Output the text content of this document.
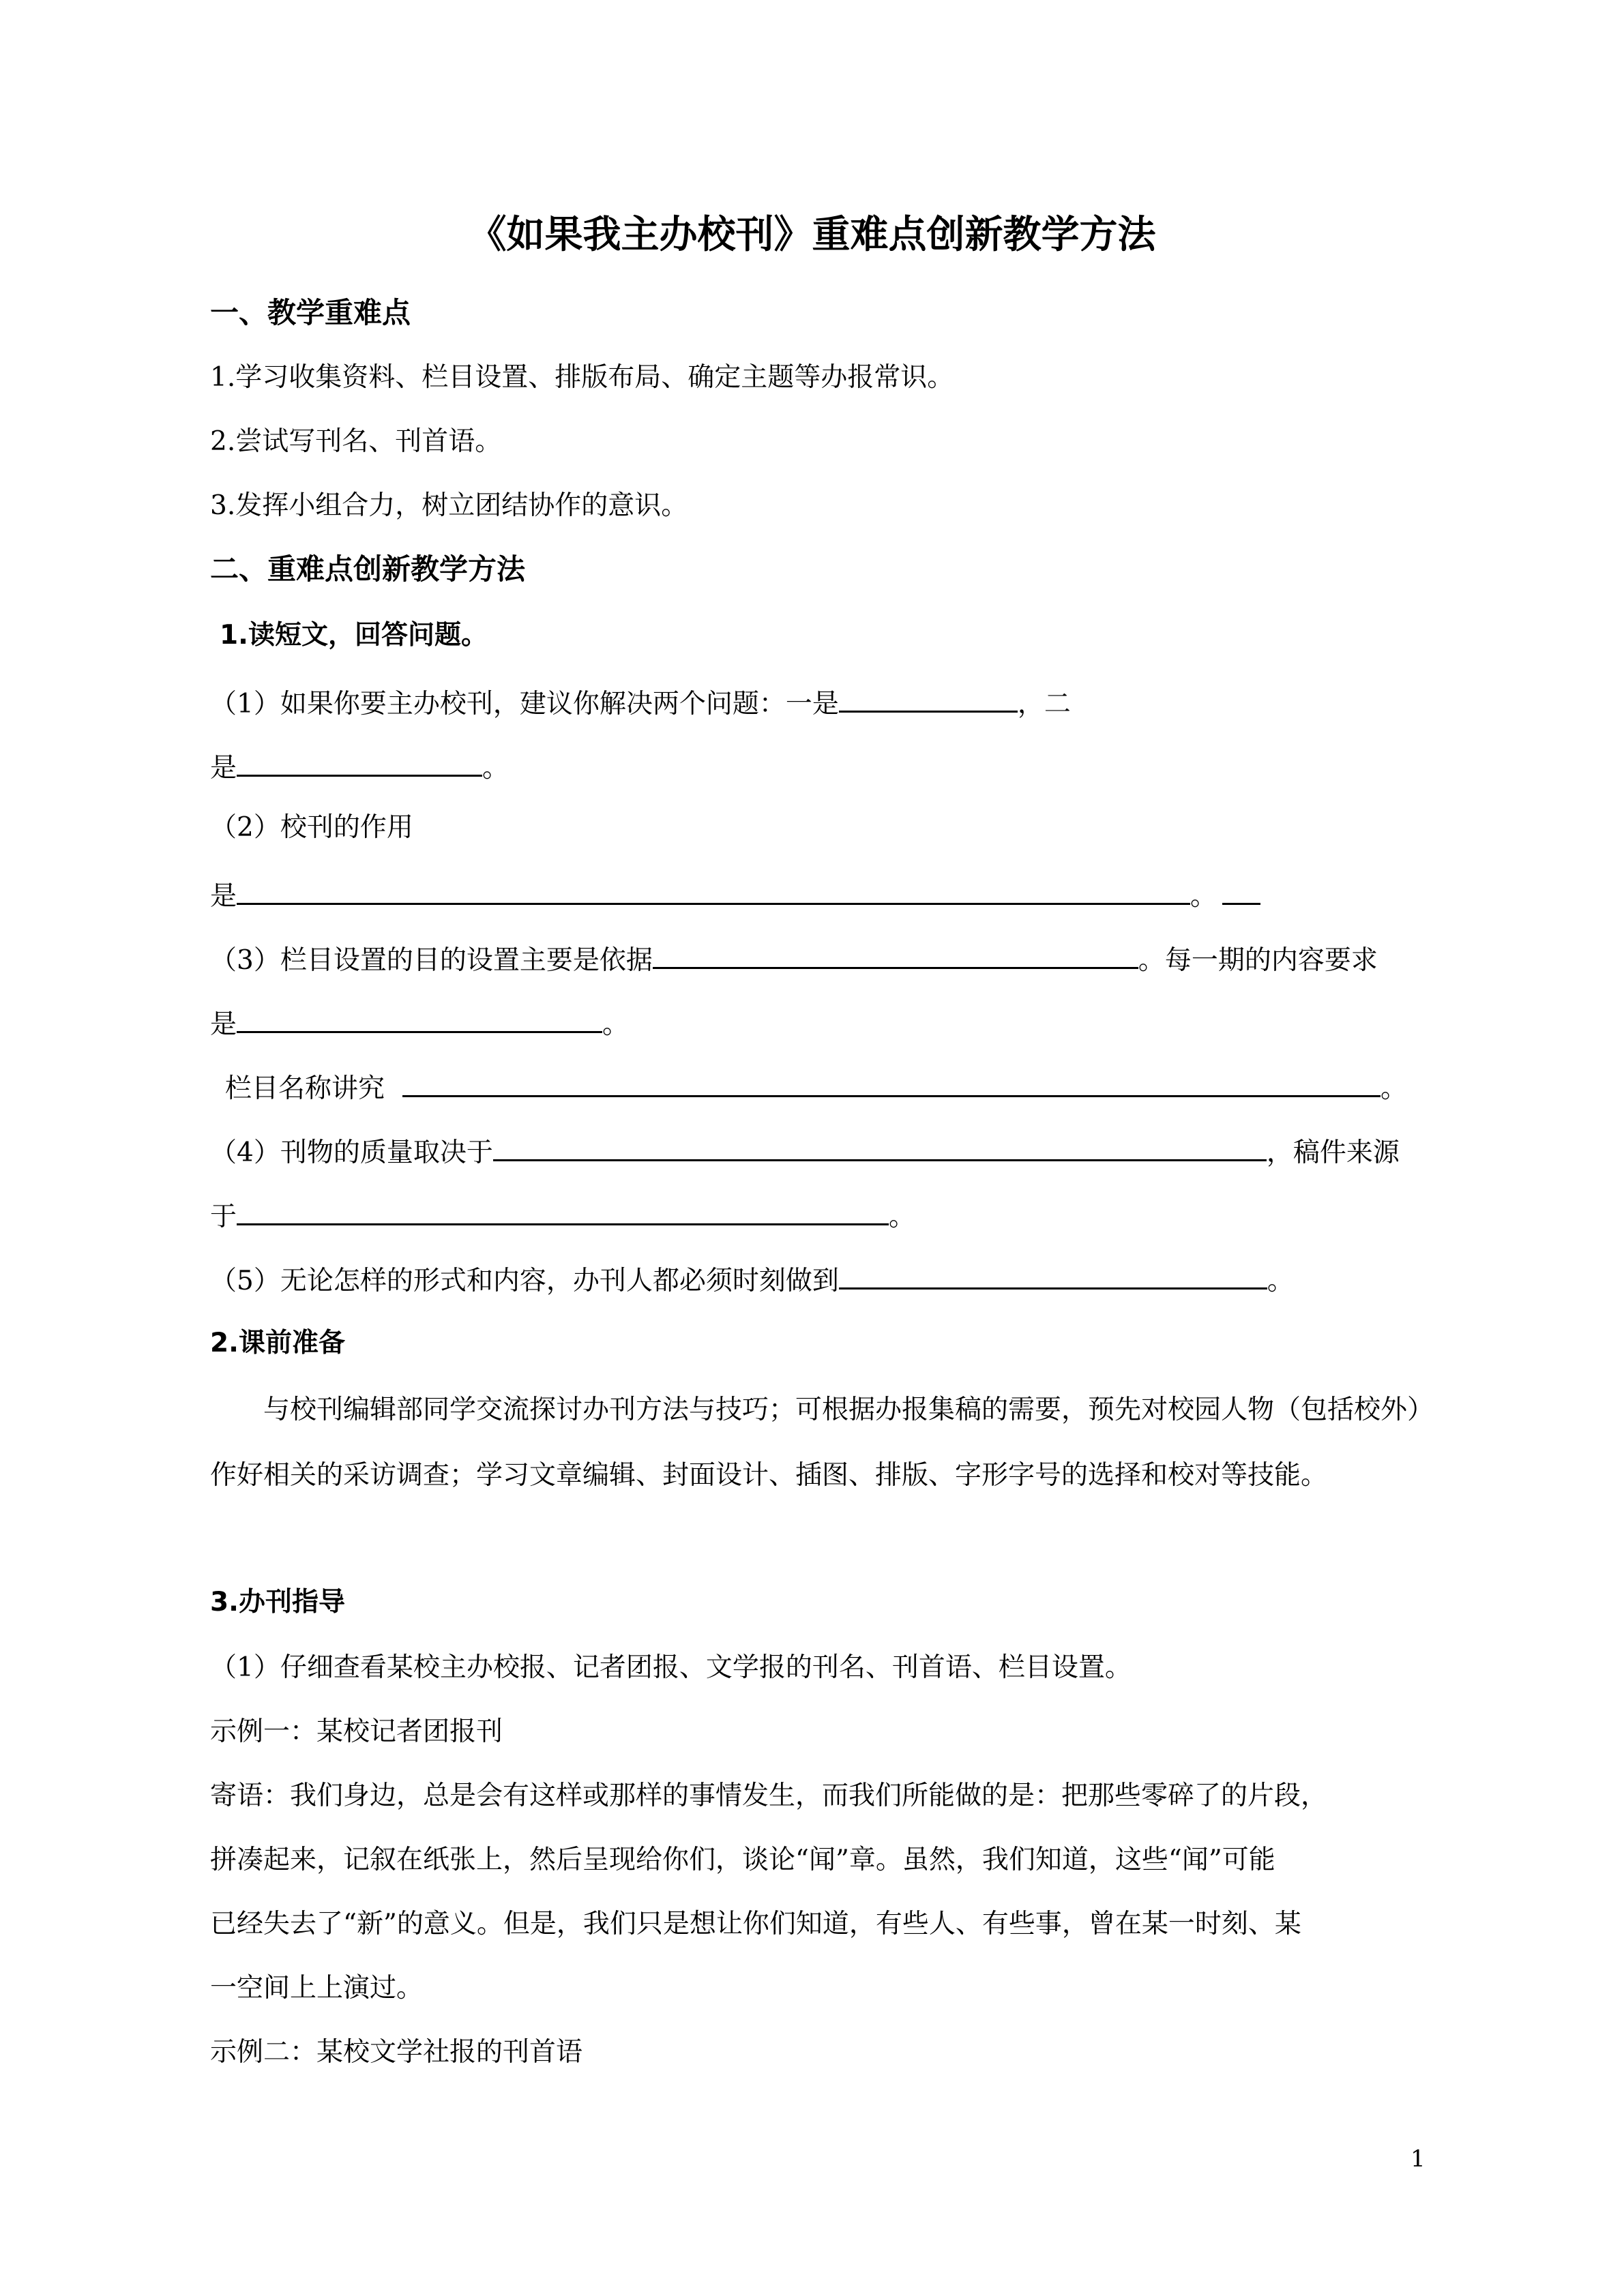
《如果我主办校刊》重难点创新教学方法
一、教学重难点
1.学习收集资料、栏目设置、排版布局、确定主题等办报常识。
2.尝试写刊名、刊首语。
3.发挥小组合力，树立团结协作的意识。
二、重难点创新教学方法
1.读短文，回答问题。
（1）如果你要主办校刊，建议你解决两个问题：一是	，二
是	。
（2）校刊的作用
是	。
（3）栏目设置的目的设置主要是依据	。每一期的内容要求
是	。
栏目名称讲究	。
（4）刊物的质量取决于	，稿件来源
于	。
（5）无论怎样的形式和内容，办刊人都必须时刻做到	。
2.课前准备
与校刊编辑部同学交流探讨办刊方法与技巧；可根据办报集稿的需要，预先对校园人物（包括校外）作好相关的采访调查；学习文章编辑、封面设计、插图、排版、字形字号的选择和校对等技能。
3.办刊指导
（1）仔细查看某校主办校报、记者团报、文学报的刊名、刊首语、栏目设置。
示例一：某校记者团报刊
寄语：我们身边，总是会有这样或那样的事情发生，而我们所能做的是：把那些零碎了的片段，
拼凑起来，记叙在纸张上，然后呈现给你们，谈论“闻”章。虽然，我们知道，这些“闻”可能
已经失去了“新”的意义。但是，我们只是想让你们知道，有些人、有些事，曾在某一时刻、某
一空间上上演过。
示例二：某校文学社报的刊首语
1
